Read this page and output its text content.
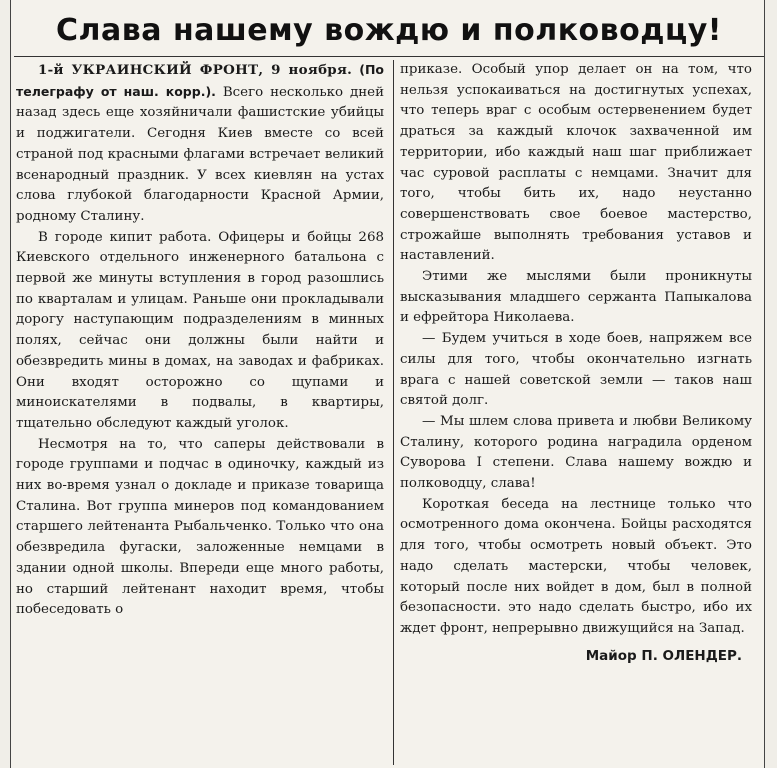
Слава нашему вождю и полководцу!

1-й УКРАИНСКИЙ ФРОНТ, 9 ноября. (По телеграфу от наш. корр.). Всего несколько дней назад здесь еще хозяйничали фашистские убийцы и поджигатели. Сегодня Киев вместе со всей страной под красными флагами встречает великий всенародный праздник. У всех киевлян на устах слова глубокой благодарности Красной Армии, родному Сталину.

В городе кипит работа. Офицеры и бойцы 268 Киевского отдельного инженерного батальона с первой же минуты вступления в город разошлись по кварталам и улицам. Раньше они прокладывали дорогу наступающим подразделениям в минных полях, сейчас они должны были найти и обезвредить мины в домах, на заводах и фабриках. Они входят осторожно со щупами и миноискателями в подвалы, в квартиры, тщательно обследуют каждый уголок.

Несмотря на то, что саперы действовали в городе группами и подчас в одиночку, каждый из них во-время узнал о докладе и приказе товарища Сталина. Вот группа минеров под командованием старшего лейтенанта Рыбальченко. Только что она обезвредила фугаски, заложенные немцами в здании одной школы. Впереди еще много работы, но старший лейтенант находит время, чтобы побеседовать о

приказе. Особый упор делает он на том, что нельзя успокаиваться на достигнутых успехах, что теперь враг с особым остервенением будет драться за каждый клочок захваченной им территории, ибо каждый наш шаг приближает час суровой расплаты с немцами. Значит для того, чтобы бить их, надо неустанно совершенствовать свое боевое мастерство, строжайше выполнять требования уставов и наставлений.

Этими же мыслями были проникнуты высказывания младшего сержанта Папыкалова и ефрейтора Николаева.

— Будем учиться в ходе боев, напряжем все силы для того, чтобы окончательно изгнать врага с нашей советской земли — таков наш святой долг.

— Мы шлем слова привета и любви Великому Сталину, которого родина наградила орденом Суворова I степени. Слава нашему вождю и полководцу, слава!

Короткая беседа на лестнице только что осмотренного дома окончена. Бойцы расходятся для того, чтобы осмотреть новый объект. Это надо сделать мастерски, чтобы человек, который после них войдет в дом, был в полной безопасности. это надо сделать быстро, ибо их ждет фронт, непрерывно движущийся на Запад.

Майор П. ОЛЕНДЕР.
